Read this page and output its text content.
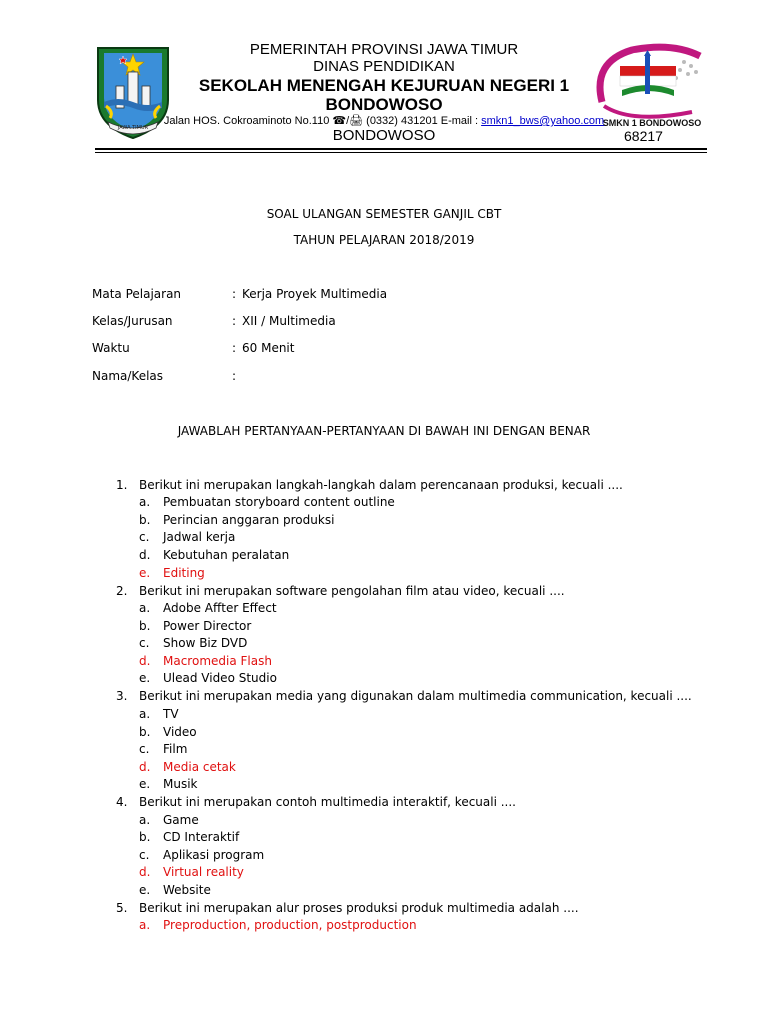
JAWA TIMUR	SMKN 1 BONDOWOSO
PEMERINTAH PROVINSI JAWA TIMUR
DINAS PENDIDIKAN
SEKOLAH MENENGAH KEJURUAN NEGERI 1
BONDOWOSO
Jalan HOS. Cokroaminoto No.110 ☎/🖨 (0332) 431201 E-mail : smkn1_bws@yahoo.com
BONDOWOSO	68217
SOAL ULANGAN SEMESTER GANJIL CBT
TAHUN PELAJARAN 2018/2019
Mata Pelajaran	: Kerja Proyek Multimedia
Kelas/Jurusan	: XII / Multimedia
Waktu	: 60 Menit
Nama/Kelas	:
JAWABLAH PERTANYAAN-PERTANYAAN DI BAWAH INI DENGAN BENAR
1. Berikut ini merupakan langkah-langkah dalam perencanaan produksi, kecuali ....
a. Pembuatan storyboard content outline
b. Perincian anggaran produksi
c. Jadwal kerja
d. Kebutuhan peralatan
e. Editing
2. Berikut ini merupakan software pengolahan film atau video, kecuali ....
a. Adobe Affter Effect
b. Power Director
c. Show Biz DVD
d. Macromedia Flash
e. Ulead Video Studio
3. Berikut ini merupakan media yang digunakan dalam multimedia communication, kecuali ....
a. TV
b. Video
c. Film
d. Media cetak
e. Musik
4. Berikut ini merupakan contoh multimedia interaktif, kecuali ....
a. Game
b. CD Interaktif
c. Aplikasi program
d. Virtual reality
e. Website
5. Berikut ini merupakan alur proses produksi produk multimedia adalah ....
a. Preproduction, production, postproduction
